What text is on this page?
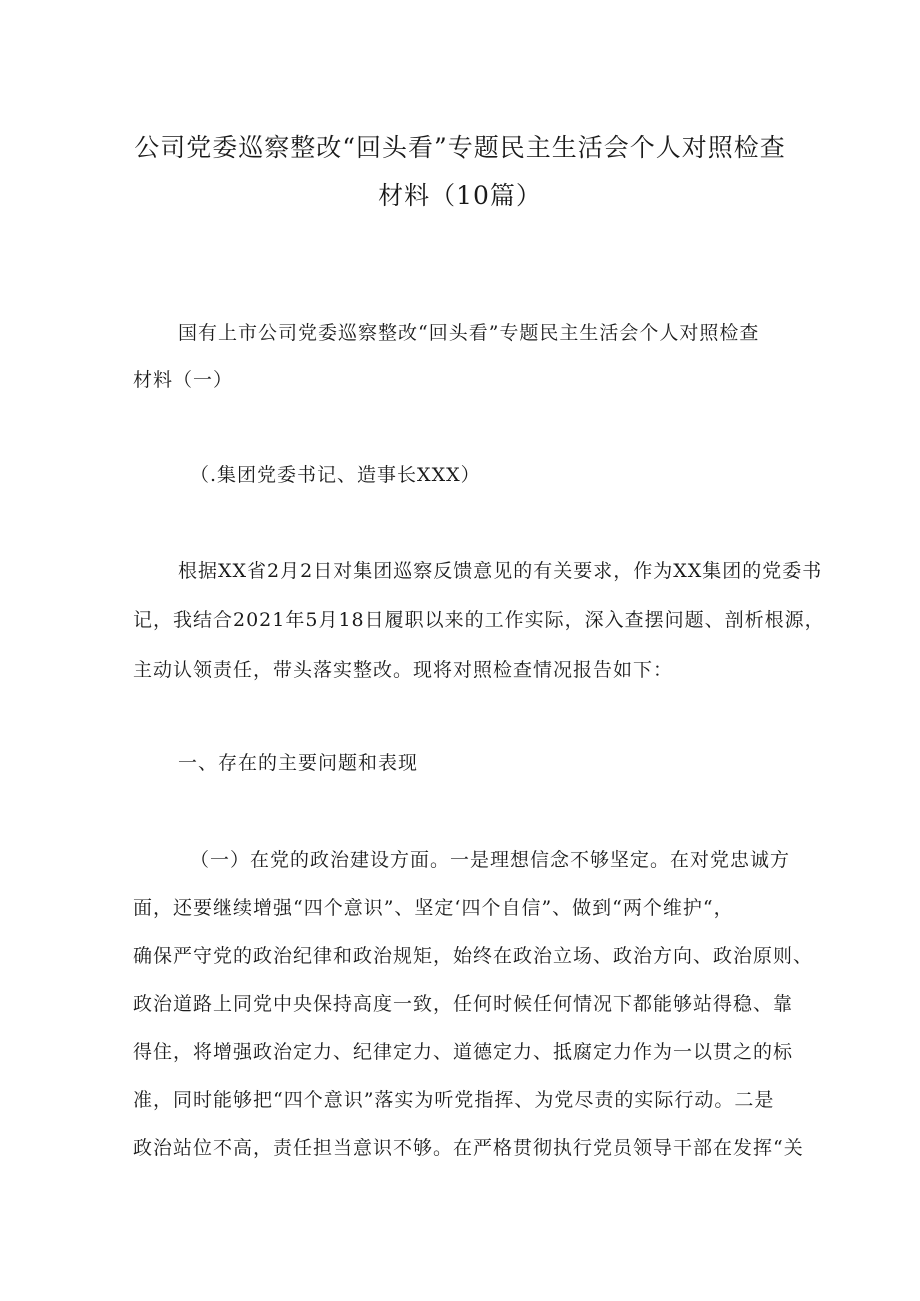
公司党委巡察整改“回头看”专题民主生活会个人对照检查
材料（10篇）
国有上市公司党委巡察整改“回头看”专题民主生活会个人对照检查
材料（一）
（.集团党委书记、造事长XXX）
根据XX省2月2日对集团巡察反馈意见的有关要求，作为XX集团的党委书
记，我结合2021年5月18日履职以来的工作实际，深入查摆问题、剖析根源，
主动认领责任，带头落实整改。现将对照检查情况报告如下：
一、存在的主要问题和表现
（一）在党的政治建设方面。一是理想信念不够坚定。在对党忠诚方
面，还要继续增强“四个意识”、坚定‘四个自信”、做到“两个维护“，
确保严守党的政治纪律和政治规矩，始终在政治立场、政治方向、政治原则、
政治道路上同党中央保持高度一致，任何时候任何情况下都能够站得稳、靠
得住，将增强政治定力、纪律定力、道德定力、抵腐定力作为一以贯之的标
准，同时能够把“四个意识”落实为听党指挥、为党尽责的实际行动。二是
政治站位不高，责任担当意识不够。在严格贯彻执行党员领导干部在发挥“关
